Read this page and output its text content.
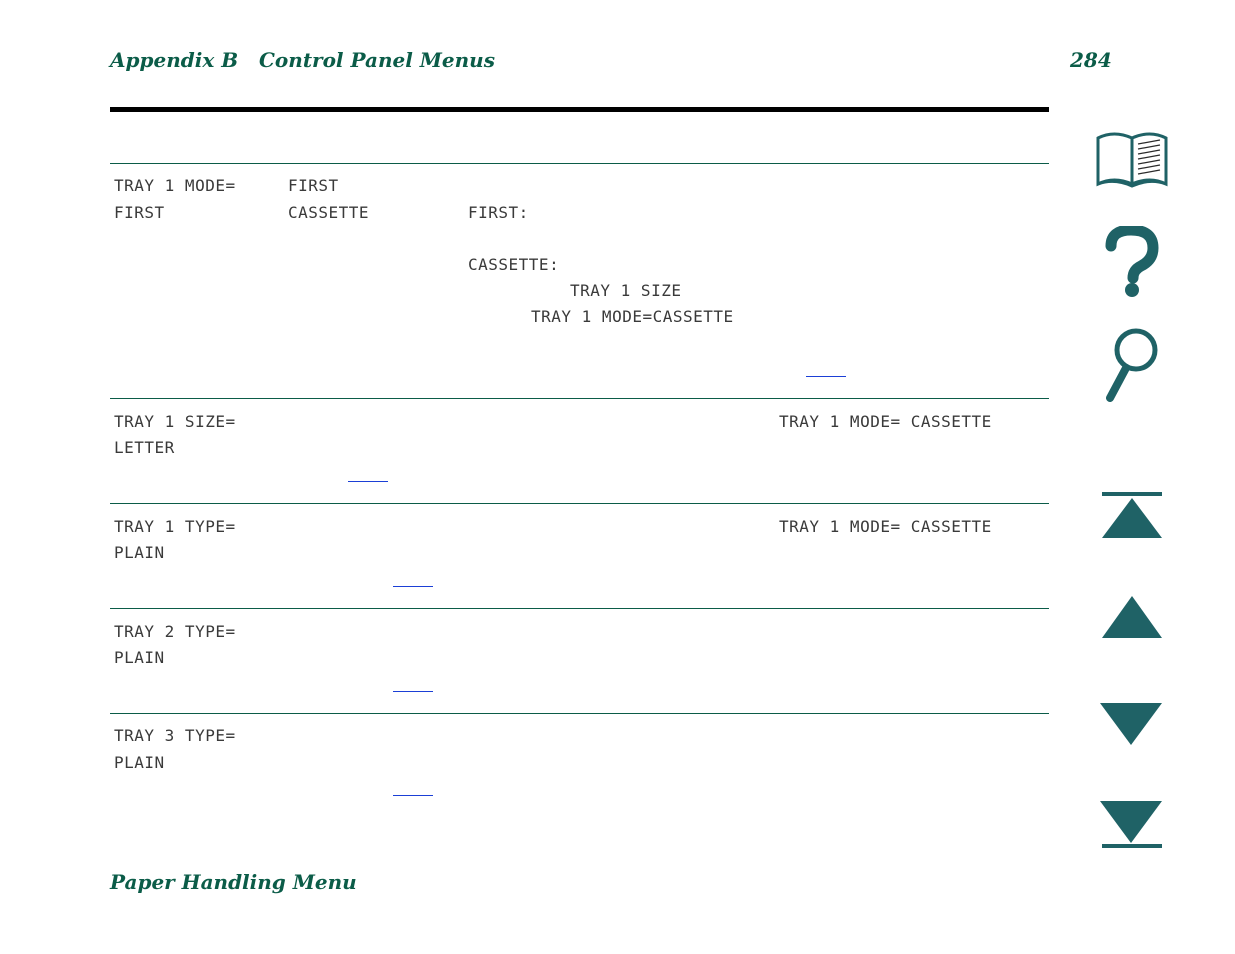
Appendix B   Control Panel Menus	284
TRAY 1 MODE=
FIRST
FIRST
CASSETTE	FIRST:
CASSETTE:
TRAY 1 SIZE
TRAY 1 MODE=CASSETTE
TRAY 1 SIZE=
LETTER
TRAY 1 MODE= CASSETTE
TRAY 1 TYPE=
PLAIN
TRAY 1 MODE= CASSETTE
TRAY 2 TYPE=
PLAIN
TRAY 3 TYPE=
PLAIN
Paper Handling Menu
